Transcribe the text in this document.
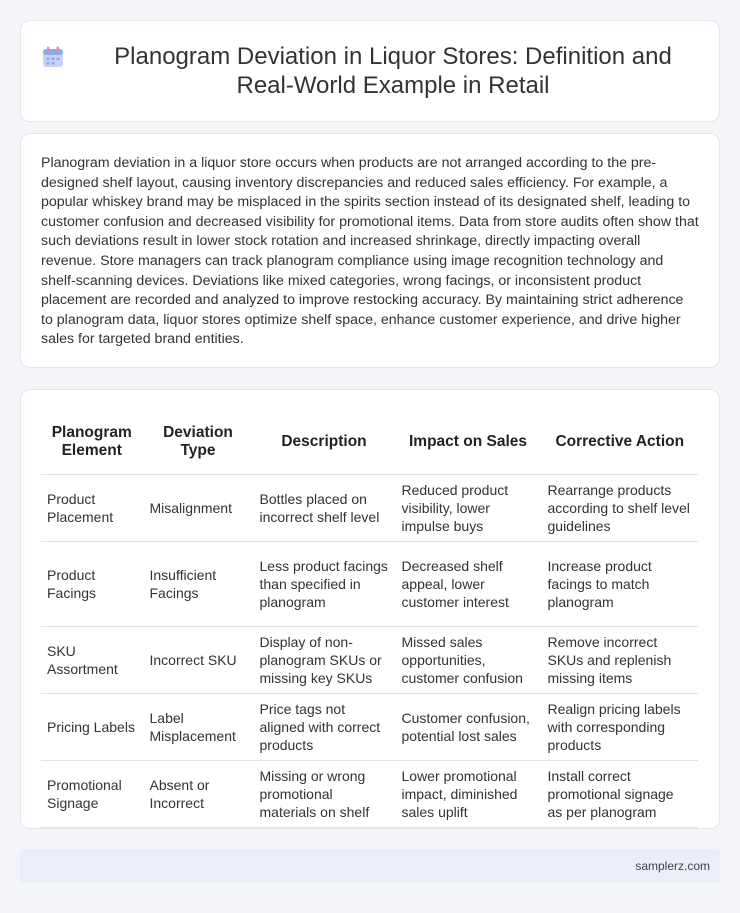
Planogram Deviation in Liquor Stores: Definition and Real-World Example in Retail

Planogram deviation in a liquor store occurs when products are not arranged according to the pre-designed shelf layout, causing inventory discrepancies and reduced sales efficiency. For example, a popular whiskey brand may be misplaced in the spirits section instead of its designated shelf, leading to customer confusion and decreased visibility for promotional items. Data from store audits often show that such deviations result in lower stock rotation and increased shrinkage, directly impacting overall revenue. Store managers can track planogram compliance using image recognition technology and shelf-scanning devices. Deviations like mixed categories, wrong facings, or inconsistent product placement are recorded and analyzed to improve restocking accuracy. By maintaining strict adherence to planogram data, liquor stores optimize shelf space, enhance customer experience, and drive higher sales for targeted brand entities.

Planogram Element	Deviation Type	Description	Impact on Sales	Corrective Action
Product Placement	Misalignment	Bottles placed on incorrect shelf level	Reduced product visibility, lower impulse buys	Rearrange products according to shelf level guidelines
Product Facings	Insufficient Facings	Less product facings than specified in planogram	Decreased shelf appeal, lower customer interest	Increase product facings to match planogram
SKU Assortment	Incorrect SKU	Display of non-planogram SKUs or missing key SKUs	Missed sales opportunities, customer confusion	Remove incorrect SKUs and replenish missing items
Pricing Labels	Label Misplacement	Price tags not aligned with correct products	Customer confusion, potential lost sales	Realign pricing labels with corresponding products
Promotional Signage	Absent or Incorrect	Missing or wrong promotional materials on shelf	Lower promotional impact, diminished sales uplift	Install correct promotional signage as per planogram
samplerz.com
